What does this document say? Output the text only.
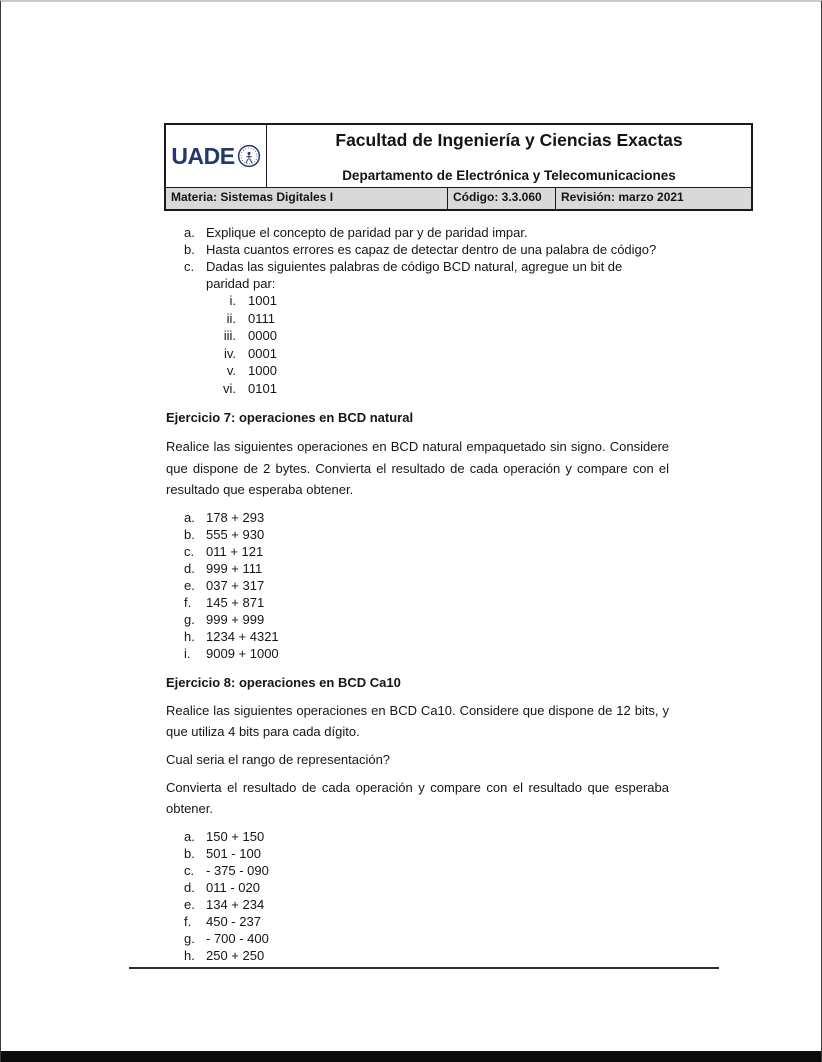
UADE
Facultad de Ingeniería y Ciencias Exactas
Departamento de Electrónica y Telecomunicaciones
Materia: Sistemas Digitales I	Código: 3.3.060	Revisión: marzo 2021
a. Explique el concepto de paridad par y de paridad impar.
b. Hasta cuantos errores es capaz de detectar dentro de una palabra de código?
c. Dadas las siguientes palabras de código BCD natural, agregue un bit de paridad par:
i. 1001
ii. 0111
iii. 0000
iv. 0001
v. 1000
vi. 0101
Ejercicio 7: operaciones en BCD natural

Realice las siguientes operaciones en BCD natural empaquetado sin signo. Considere que dispone de 2 bytes. Convierta el resultado de cada operación y compare con el resultado que esperaba obtener.

a. 178 + 293
b. 555 + 930
c. 011 + 121
d. 999 + 111
e. 037 + 317
f.	145 + 871
g. 999 + 999
h. 1234 + 4321
i.	9009 + 1000
Ejercicio 8: operaciones en BCD Ca10

Realice las siguientes operaciones en BCD Ca10. Considere que dispone de 12 bits, y que utiliza 4 bits para cada dígito.

Cual seria el rango de representación?

Convierta el resultado de cada operación y compare con el resultado que esperaba obtener.

a. 150 + 150
b. 501 - 100
c. - 375 - 090
d. 011 - 020
e. 134 + 234
f.	450 - 237
g. - 700 - 400
h. 250 + 250
